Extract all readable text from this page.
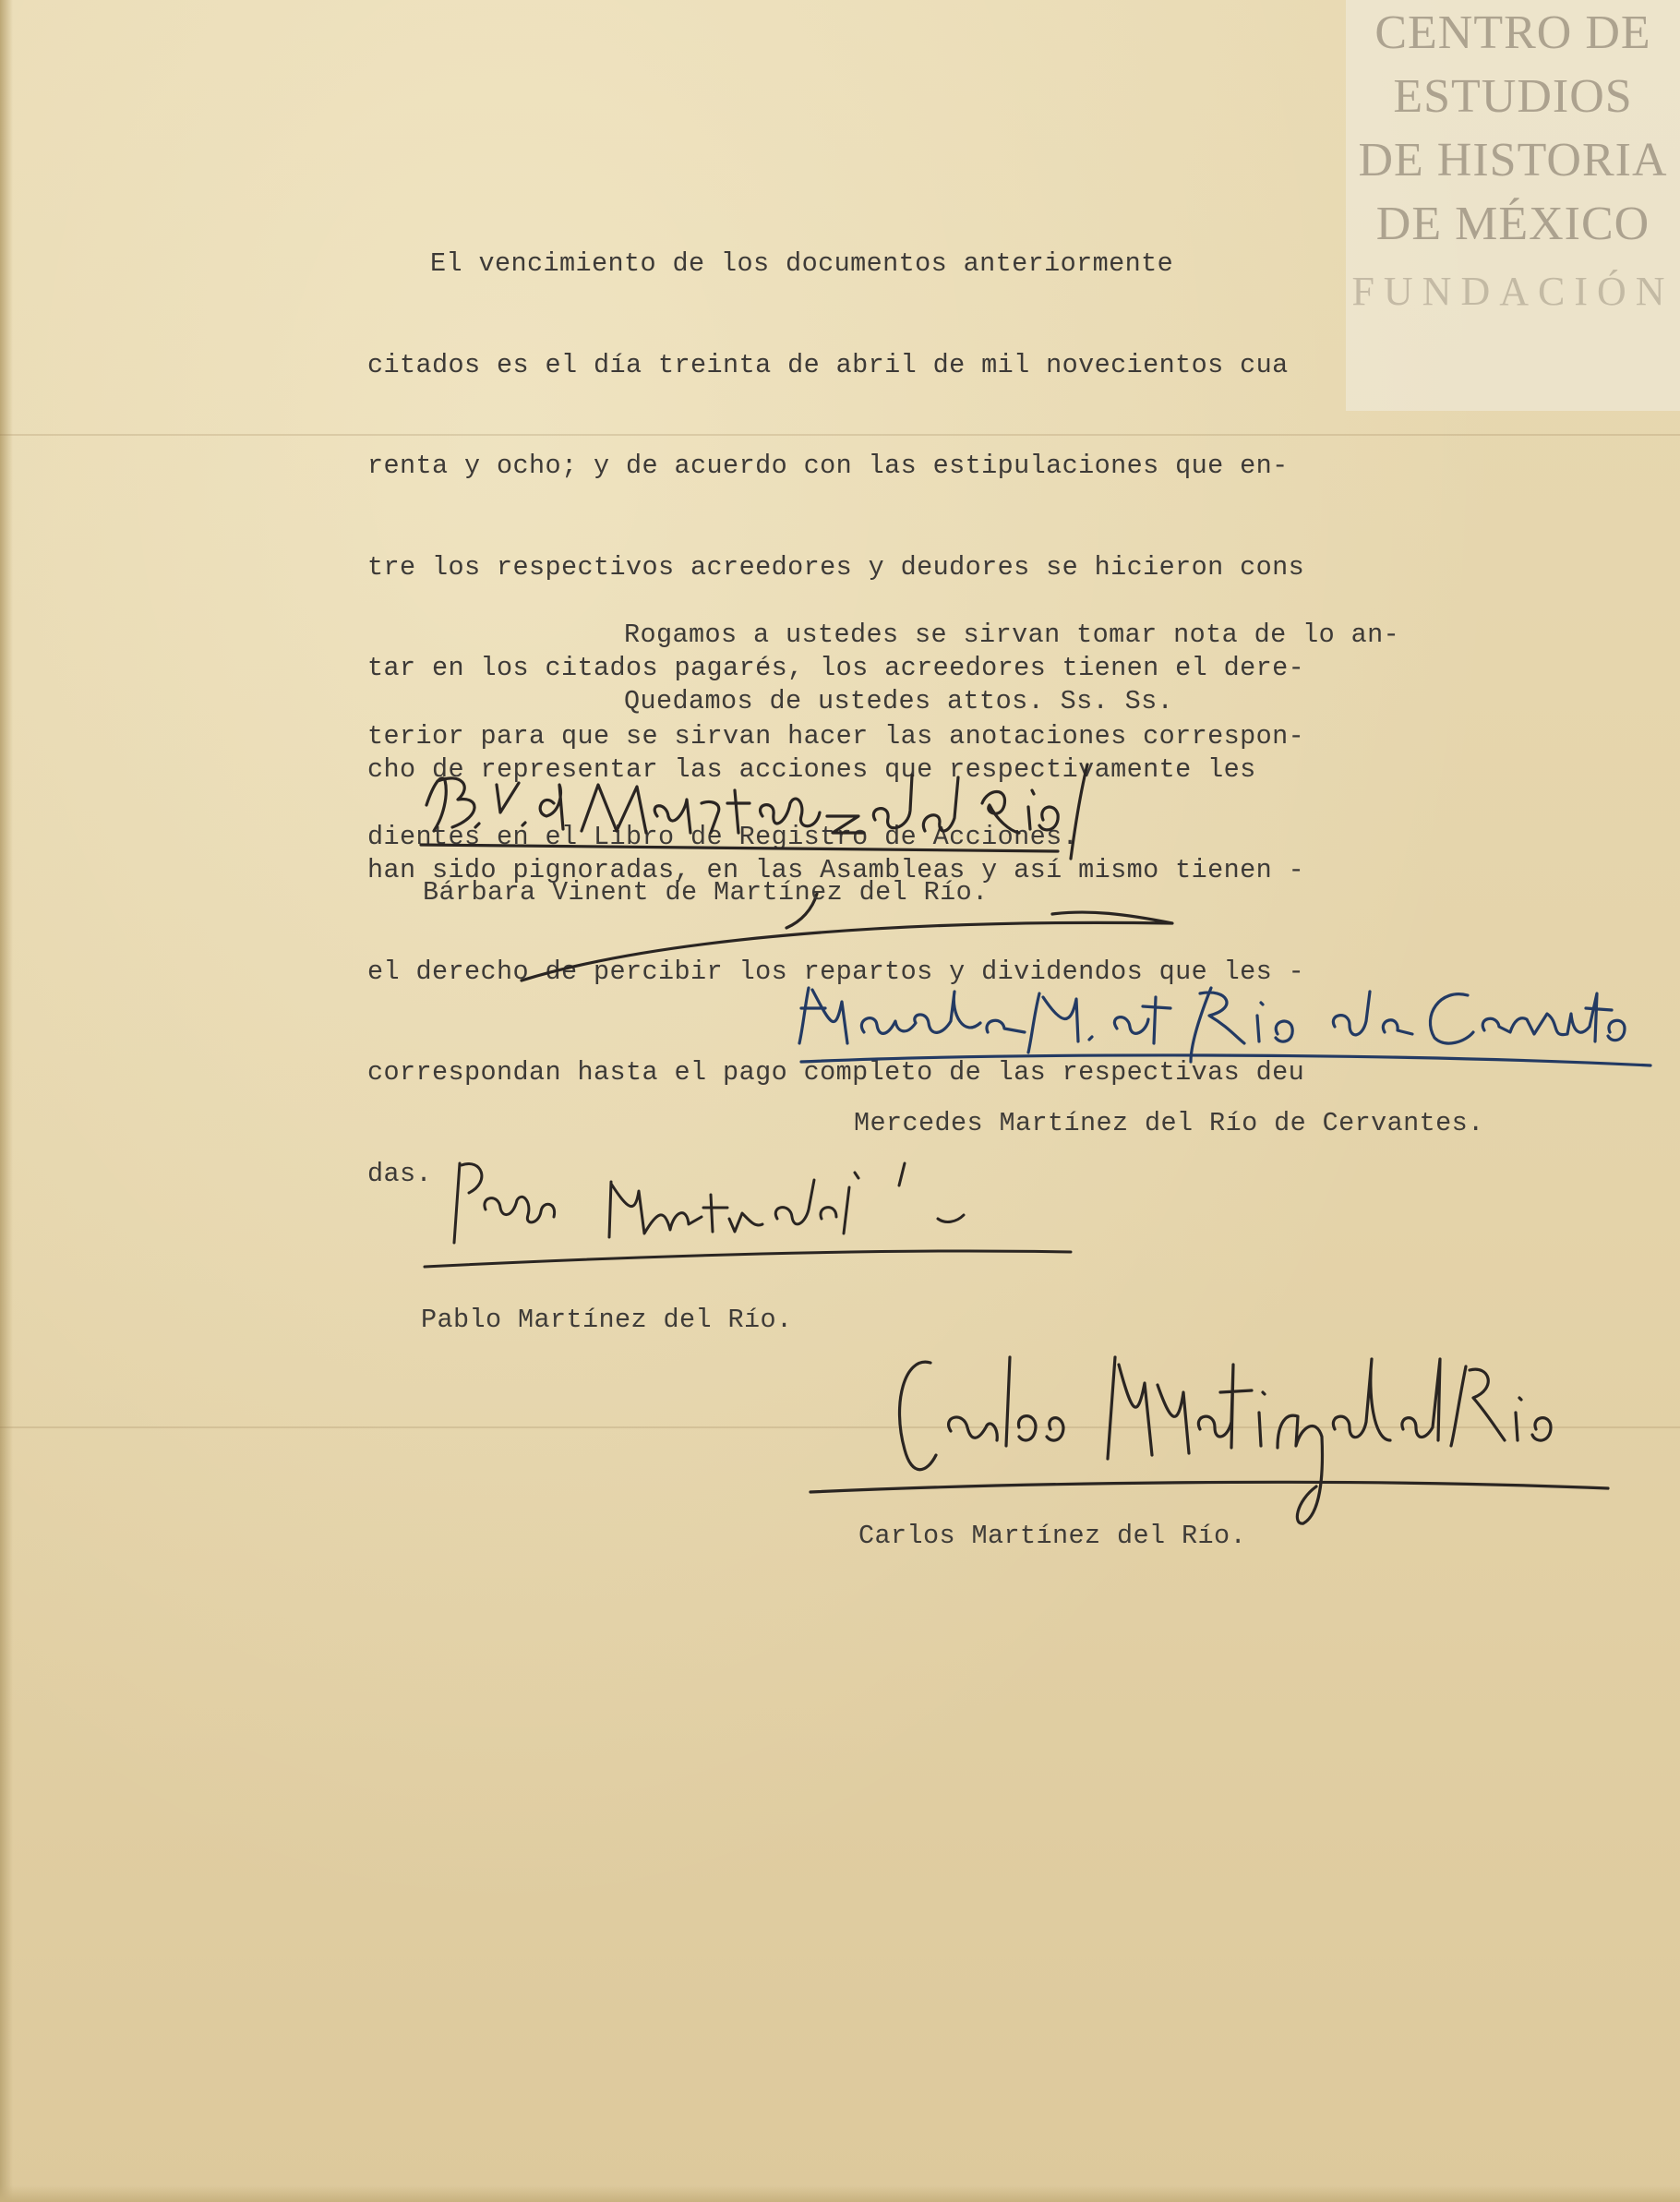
CENTRO DE
ESTUDIOS
DE HISTORIA
DE MÉXICO
FUNDACIÓN

El vencimiento de los documentos anteriormente

citados es el día treinta de abril de mil novecientos cua

renta y ocho; y de acuerdo con las estipulaciones que en-

tre los respectivos acreedores y deudores se hicieron cons

tar en los citados pagarés, los acreedores tienen el dere-

cho de representar las acciones que respectivamente les

han sido pignoradas, en las Asambleas y así mismo tienen -

el derecho de percibir los repartos y dividendos que les -

correspondan hasta el pago completo de las respectivas deu

das.

Rogamos a ustedes se sirvan tomar nota de lo an-

terior para que se sirvan hacer las anotaciones correspon-

dientes en el Libro de Registro de Acciones.

Quedamos de ustedes attos. Ss. Ss.
Bárbara Vinent de Martínez del Río.
Mercedes Martínez del Río de Cervantes.
Pablo Martínez del Río.
Carlos Martínez del Río.
